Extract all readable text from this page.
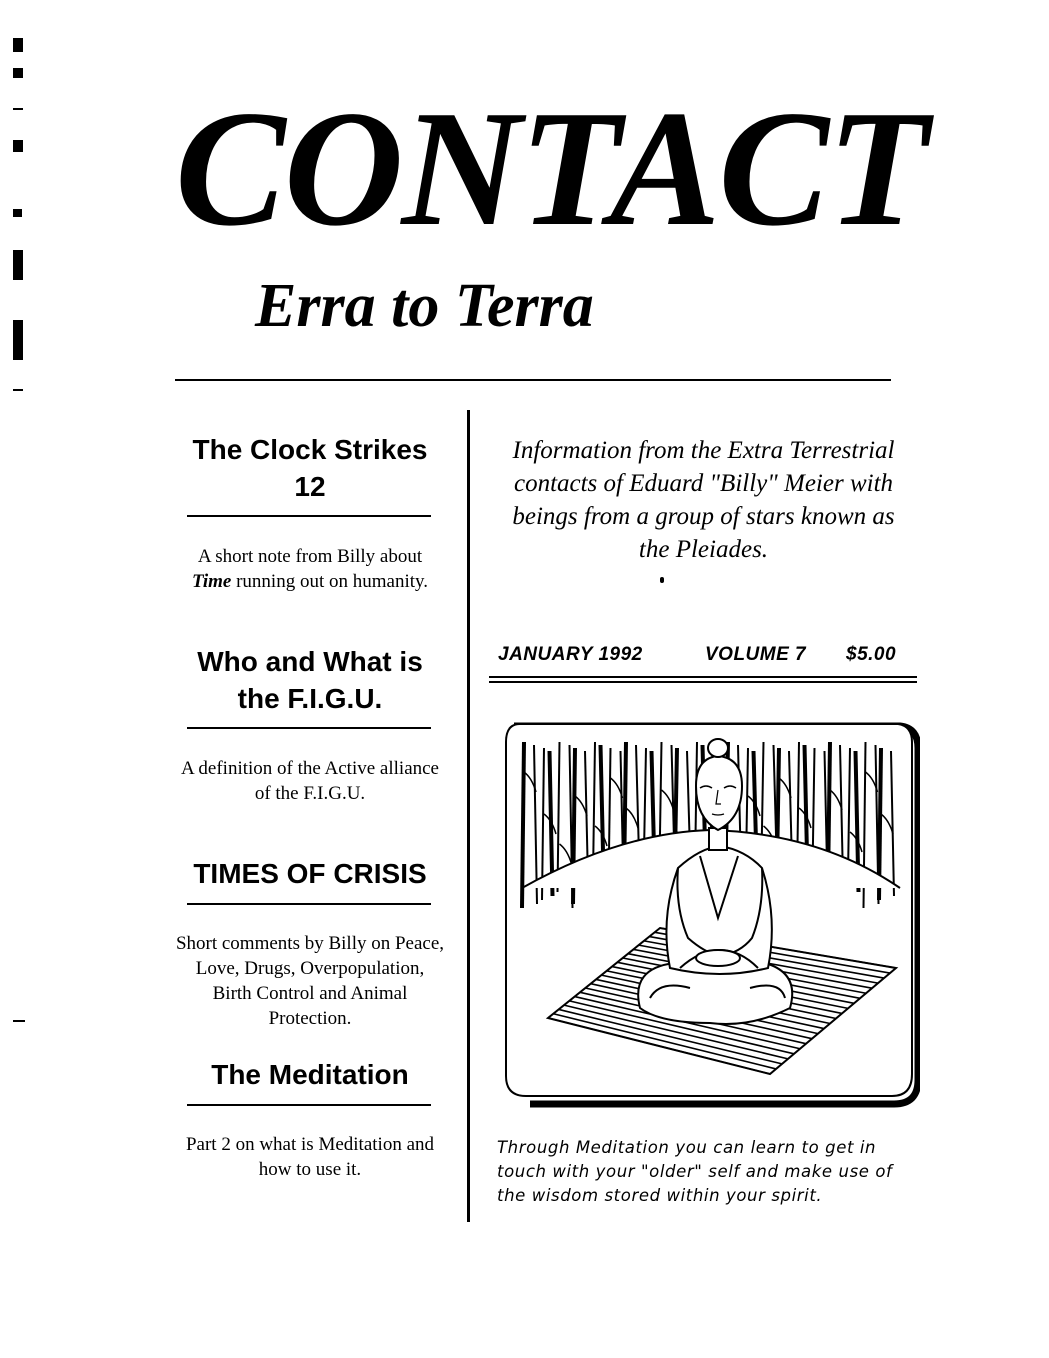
CONTACT
Erra to Terra
The Clock Strikes
12
A short note from Billy about
Time running out on humanity.
Who and What is
the F.I.G.U.
A definition of the Active alliance
of the F.I.G.U.
TIMES OF CRISIS
Short comments by Billy on Peace,
Love, Drugs, Overpopulation,
Birth Control and Animal
Protection.
The Meditation
Part 2 on what is Meditation and
how to use it.
Information from the Extra Terrestrial
contacts of Eduard "Billy" Meier with
beings from a group of stars known as
the Pleiades.
JANUARY 1992	VOLUME 7 $5.00
Through Meditation you can learn to get in
touch with your "older" self and make use of
the wisdom stored within your spirit.
